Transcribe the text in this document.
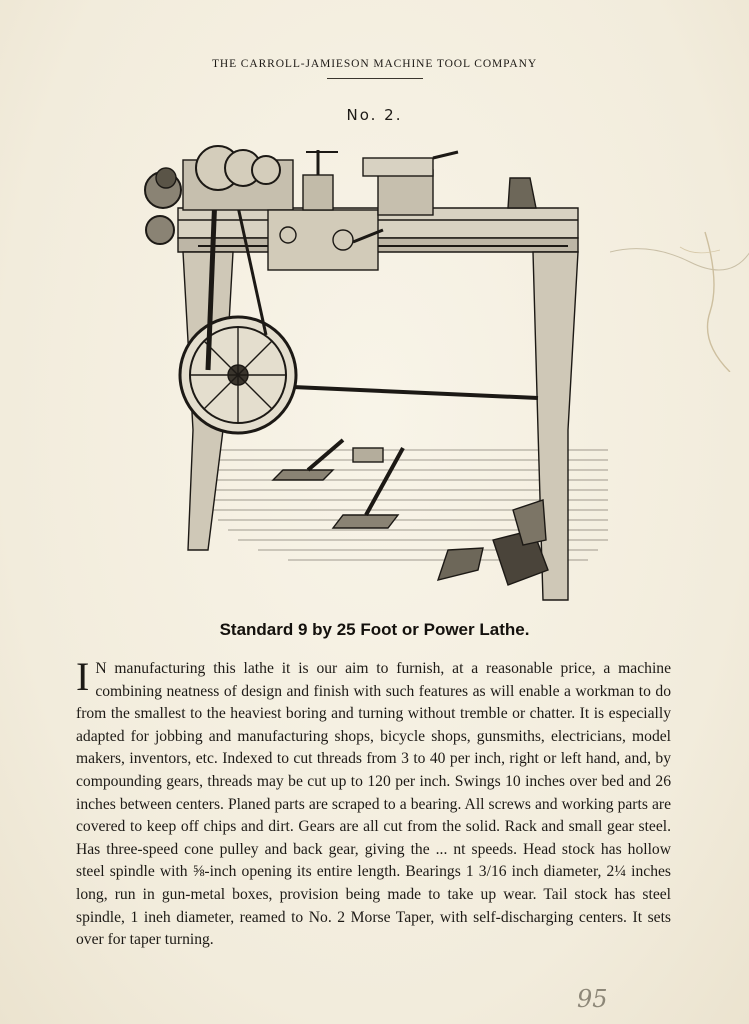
THE CARROLL-JAMIESON MACHINE TOOL COMPANY
No. 2.
Standard 9 by 25 Foot or Power Lathe.
I N manufacturing this lathe it is our aim to furnish, at a reasonable price, a machine combining neatness of design and finish with such features as will enable a workman to do from the smallest to the heaviest boring and turning without tremble or chatter. It is especially adapted for jobbing and manufacturing shops, bicycle shops, gunsmiths, electricians, model makers, inventors, etc. Indexed to cut threads from 3 to 40 per inch, right or left hand, and, by compounding gears, threads may be cut up to 120 per inch. Swings 10 inches over bed and 26 inches between centers. Planed parts are scraped to a bearing. All screws and working parts are covered to keep off chips and dirt. Gears are all cut from the solid. Rack and small gear steel. Has three-speed cone pulley and back gear, giving the ... nt speeds. Head stock has hollow steel spindle with ⅝-inch opening its entire length. Bearings 1 3/16 inch diameter, 2¼ inches long, run in gun-metal boxes, provision being made to take up wear. Tail stock has steel spindle, 1 ineh diameter, reamed to No. 2 Morse Taper, with self-discharging centers. It sets over for taper turning.
95
